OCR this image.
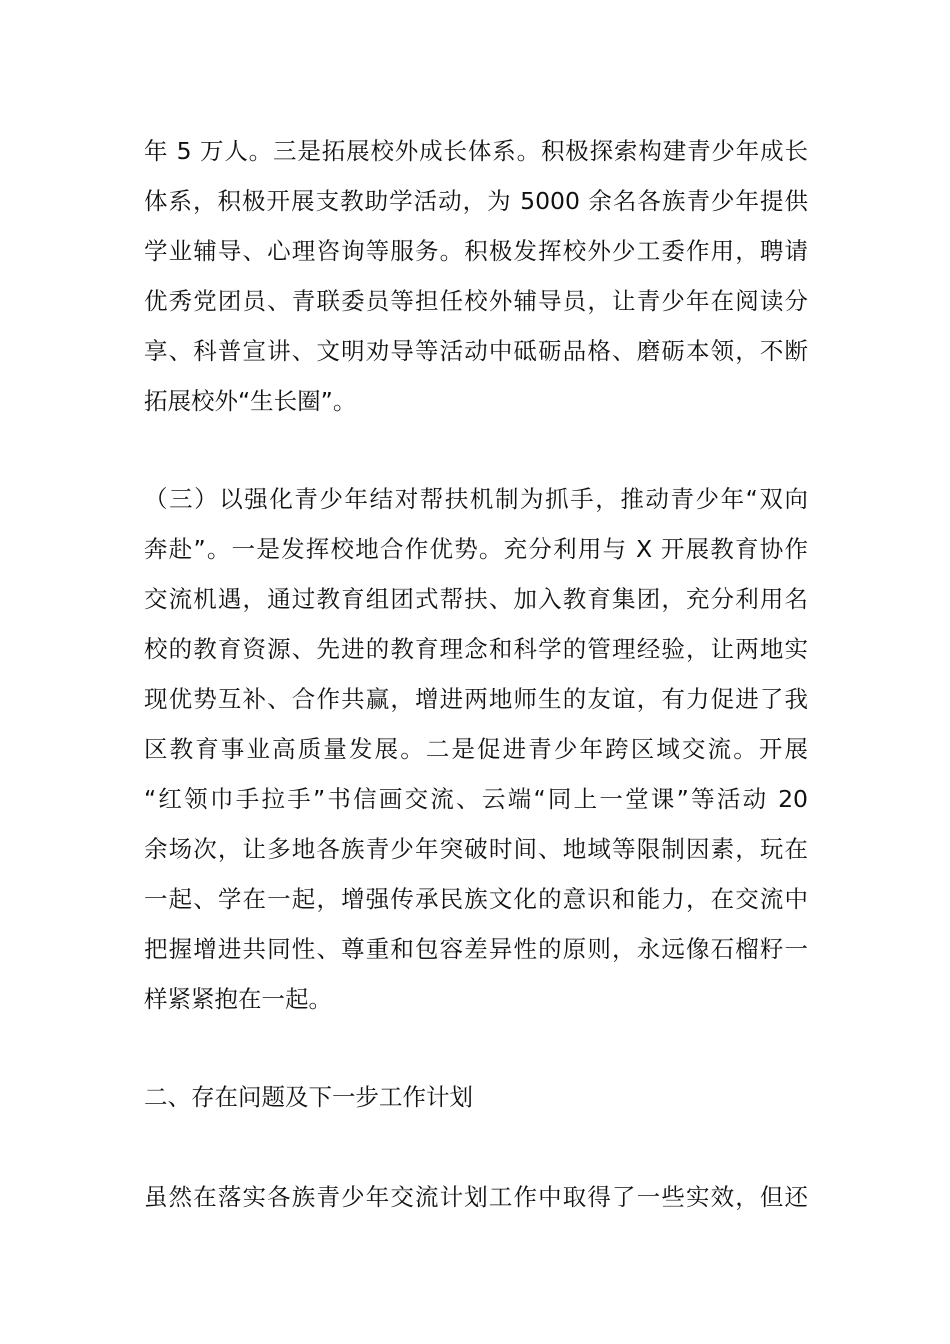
年 5 万人。三是拓展校外成长体系。积极探索构建青少年成长
体系，积极开展支教助学活动，为 5000 余名各族青少年提供
学业辅导、心理咨询等服务。积极发挥校外少工委作用，聘请
优秀党团员、青联委员等担任校外辅导员，让青少年在阅读分
享、科普宣讲、文明劝导等活动中砥砺品格、磨砺本领，不断
拓展校外“生长圈”。
（三）以强化青少年结对帮扶机制为抓手，推动青少年“双向
奔赴”。一是发挥校地合作优势。充分利用与 X 开展教育协作
交流机遇，通过教育组团式帮扶、加入教育集团，充分利用名
校的教育资源、先进的教育理念和科学的管理经验，让两地实
现优势互补、合作共赢，增进两地师生的友谊，有力促进了我
区教育事业高质量发展。二是促进青少年跨区域交流。开展
“红领巾手拉手”书信画交流、云端“同上一堂课”等活动 20
余场次，让多地各族青少年突破时间、地域等限制因素，玩在
一起、学在一起，增强传承民族文化的意识和能力，在交流中
把握增进共同性、尊重和包容差异性的原则，永远像石榴籽一
样紧紧抱在一起。
二、存在问题及下一步工作计划
虽然在落实各族青少年交流计划工作中取得了一些实效，但还
